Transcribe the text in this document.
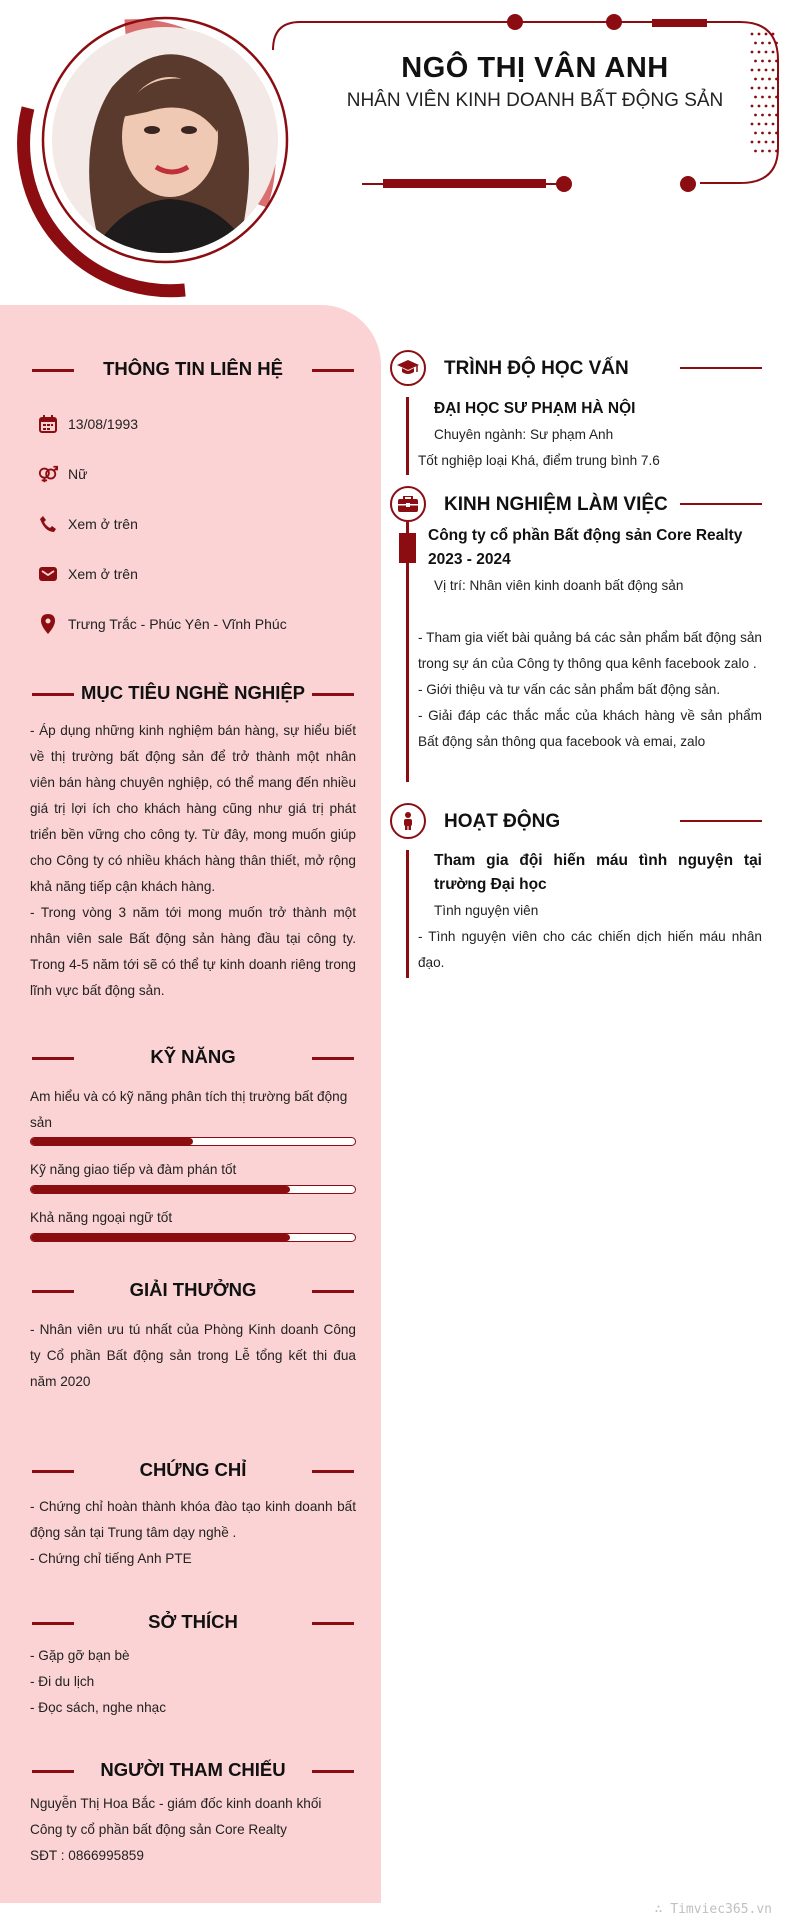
NGÔ THỊ VÂN ANH
NHÂN VIÊN KINH DOANH BẤT ĐỘNG SẢN
THÔNG TIN LIÊN HỆ
13/08/1993
Nữ
Xem ở trên
Xem ở trên
Trưng Trắc - Phúc Yên - Vĩnh Phúc
MỤC TIÊU NGHỀ NGHIỆP
- Áp dụng những kinh nghiệm bán hàng, sự hiểu biết về thị trường bất động sản để trở thành một nhân viên bán hàng chuyên nghiệp, có thể mang đến nhiều giá trị lợi ích cho khách hàng cũng như giá trị phát triển bền vững cho công ty. Từ đây, mong muốn giúp cho Công ty có nhiều khách hàng thân thiết, mở rộng khả năng tiếp cận khách hàng.
- Trong vòng 3 năm tới mong muốn trở thành một nhân viên sale Bất động sản hàng đầu tại công ty. Trong 4-5 năm tới sẽ có thể tự kinh doanh riêng trong lĩnh vực bất động sản.
KỸ NĂNG
Am hiểu và có kỹ năng phân tích thị trường bất động sản
Kỹ năng giao tiếp và đàm phán tốt
Khả năng ngoại ngữ tốt
GIẢI THƯỞNG
- Nhân viên ưu tú nhất của Phòng Kinh doanh Công ty Cổ phần Bất động sản trong Lễ tổng kết thi đua năm 2020
CHỨNG CHỈ
- Chứng chỉ hoàn thành khóa đào tạo kinh doanh bất động sản tại Trung tâm dạy nghề .
- Chứng chỉ tiếng Anh PTE
SỞ THÍCH
- Gặp gỡ bạn bè
- Đi du lịch
- Đọc sách, nghe nhạc
NGƯỜI THAM CHIẾU
Nguyễn Thị Hoa Bắc - giám đốc kinh doanh khối Công ty cổ phần bất động sản Core Realty
SĐT : 0866995859
TRÌNH ĐỘ HỌC VẤN
ĐẠI HỌC SƯ PHẠM HÀ NỘI
Chuyên ngành: Sư phạm Anh
Tốt nghiệp loại Khá, điểm trung bình 7.6
KINH NGHIỆM LÀM VIỆC
Công ty cổ phần Bất động sản Core Realty
2023 - 2024
Vị trí: Nhân viên kinh doanh bất động sản
- Tham gia viết bài quảng bá các sản phẩm bất động sản trong sự án của Công ty thông qua kênh facebook zalo .
- Giới thiệu và tư vấn các sản phẩm bất động sản.
- Giải đáp các thắc mắc của khách hàng về sản phẩm Bất động sản thông qua facebook và emai, zalo
HOẠT ĐỘNG
Tham gia đội hiến máu tình nguyện tại trường Đại học
Tình nguyện viên
- Tình nguyện viên cho các chiến dịch hiến máu nhân đạo.
∴ Timviec365.vn
